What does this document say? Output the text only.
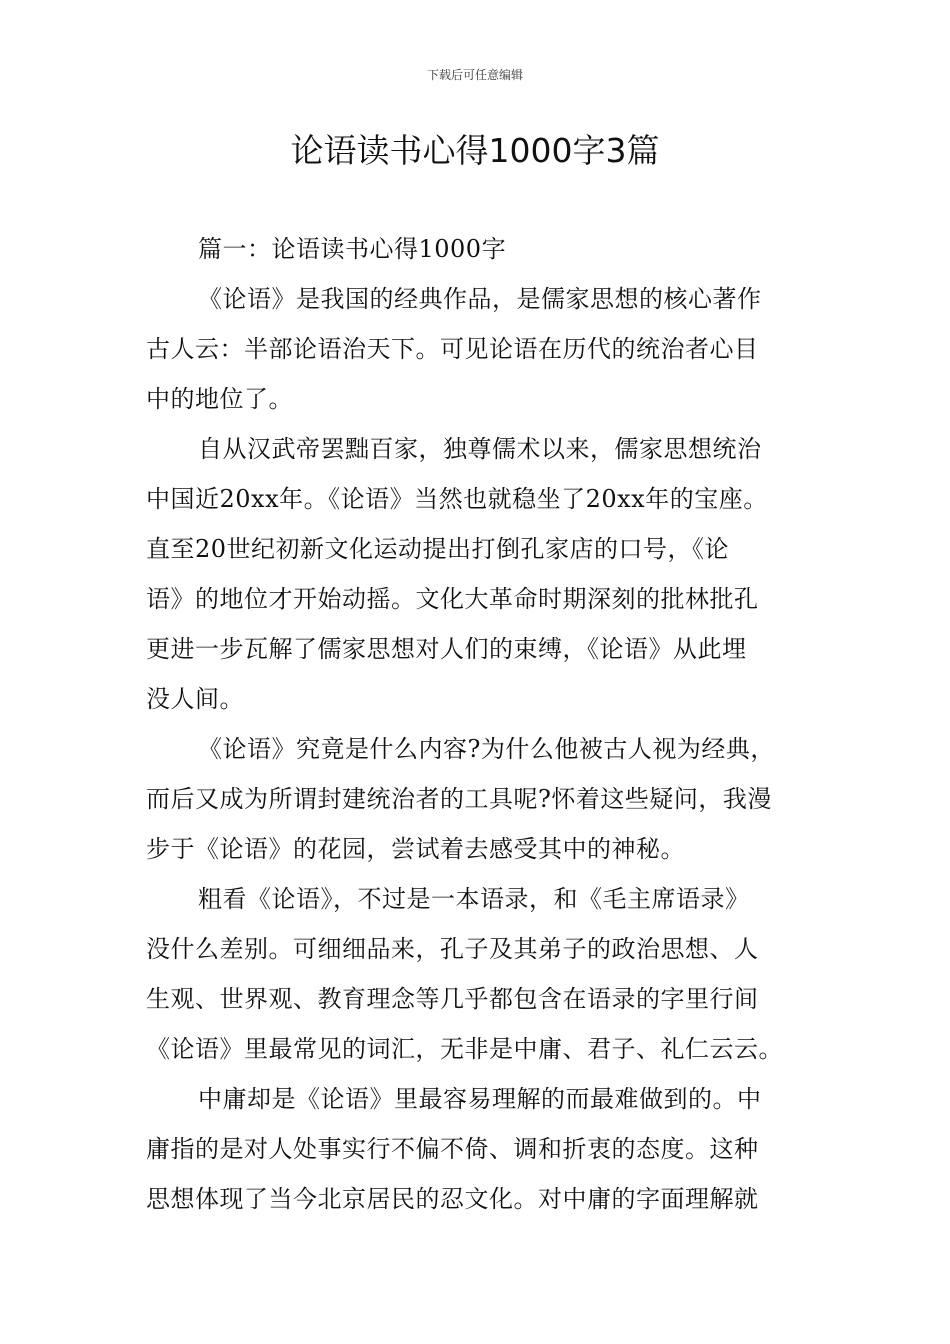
下载后可任意编辑
论语读书心得1000字3篇
篇一：论语读书心得1000字
《论语》是我国的经典作品，是儒家思想的核心著作
古人云：半部论语治天下。可见论语在历代的统治者心目
中的地位了。
自从汉武帝罢黜百家，独尊儒术以来，儒家思想统治
中国近20xx年。《论语》当然也就稳坐了20xx年的宝座。
直至20世纪初新文化运动提出打倒孔家店的口号，《论
语》的地位才开始动摇。文化大革命时期深刻的批林批孔
更进一步瓦解了儒家思想对人们的束缚，《论语》从此埋
没人间。
《论语》究竟是什么内容?为什么他被古人视为经典，
而后又成为所谓封建统治者的工具呢?怀着这些疑问，我漫
步于《论语》的花园，尝试着去感受其中的神秘。
粗看《论语》，不过是一本语录，和《毛主席语录》
没什么差别。可细细品来，孔子及其弟子的政治思想、人
生观、世界观、教育理念等几乎都包含在语录的字里行间
《论语》里最常见的词汇，无非是中庸、君子、礼仁云云。
中庸却是《论语》里最容易理解的而最难做到的。中
庸指的是对人处事实行不偏不倚、调和折衷的态度。这种
思想体现了当今北京居民的忍文化。对中庸的字面理解就
